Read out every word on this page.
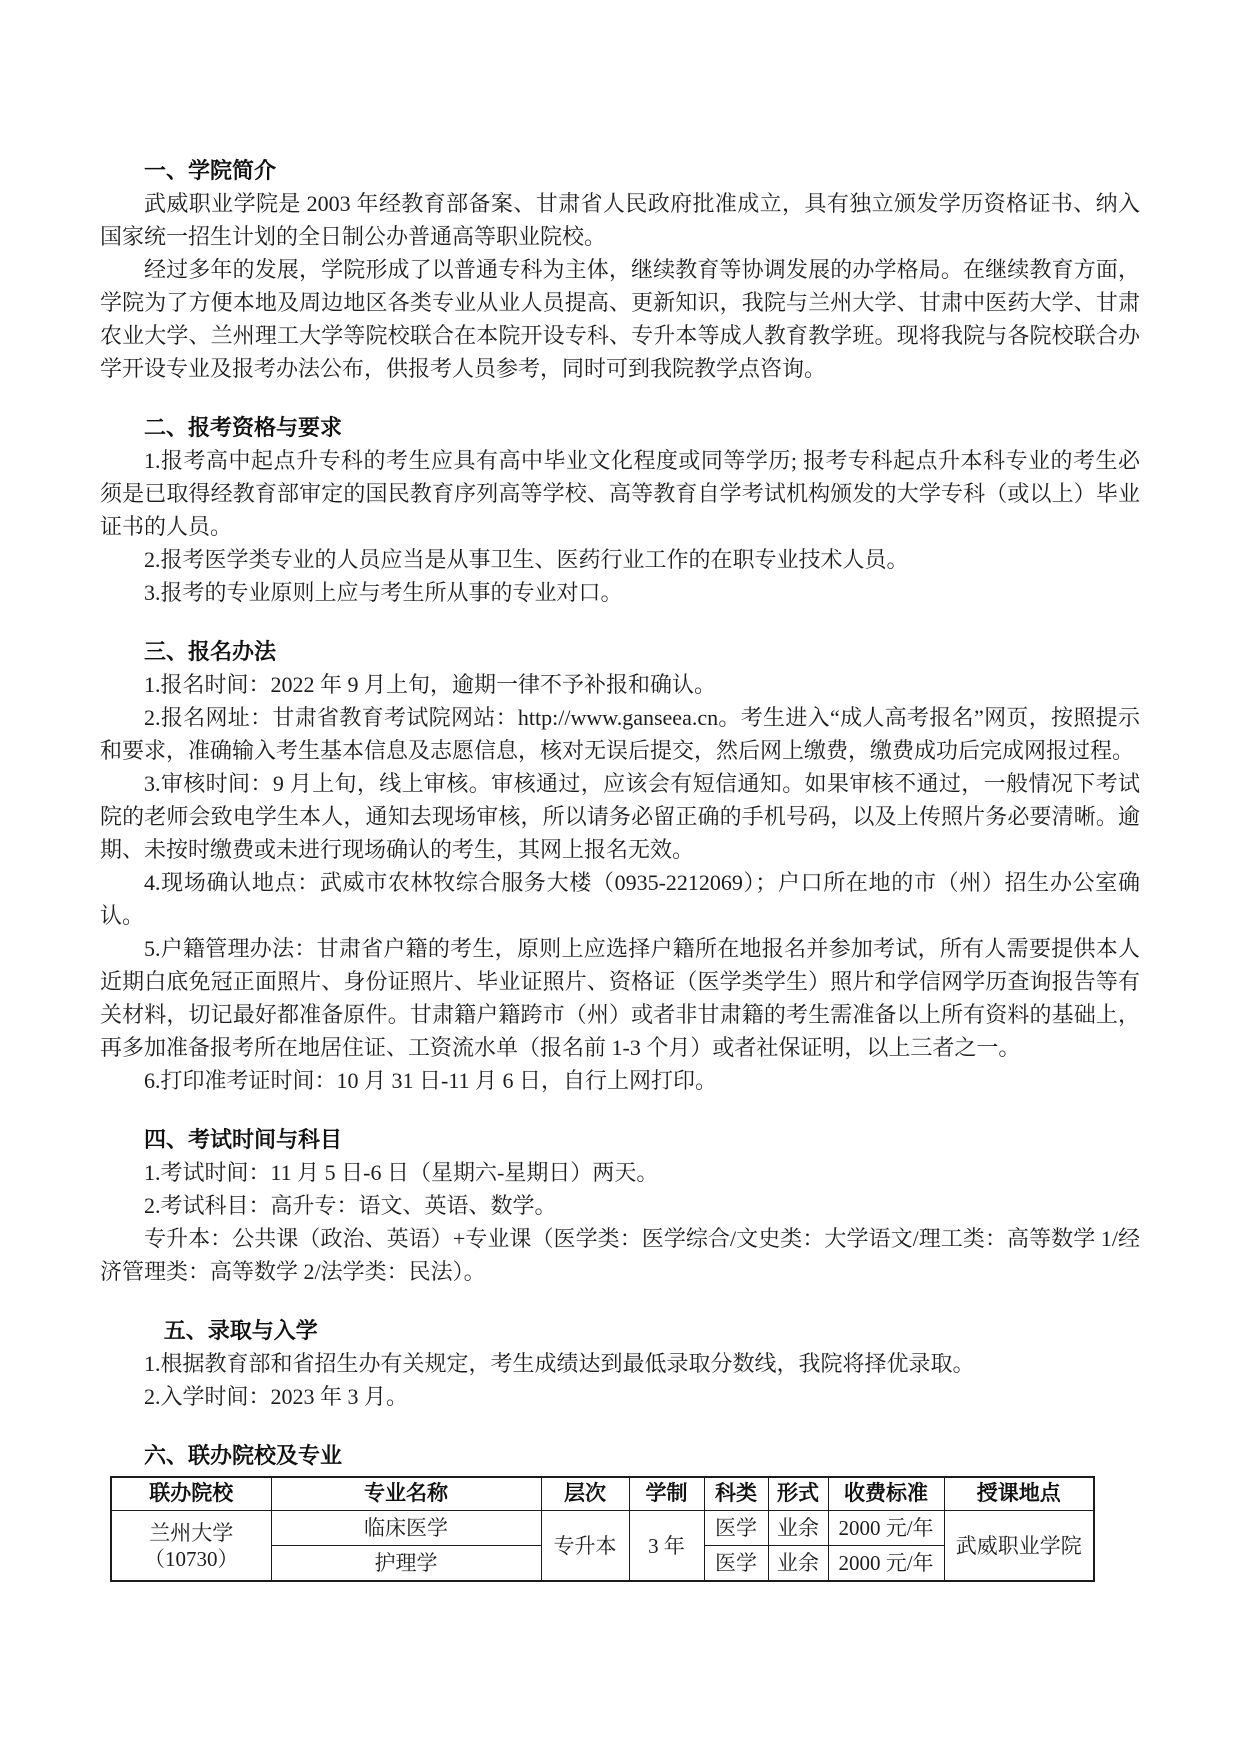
一、学院简介

武威职业学院是 2003 年经教育部备案、甘肃省人民政府批准成立，具有独立颁发学历资格证书、纳入国家统一招生计划的全日制公办普通高等职业院校。

经过多年的发展，学院形成了以普通专科为主体，继续教育等协调发展的办学格局。在继续教育方面，学院为了方便本地及周边地区各类专业从业人员提高、更新知识，我院与兰州大学、甘肃中医药大学、甘肃农业大学、兰州理工大学等院校联合在本院开设专科、专升本等成人教育教学班。现将我院与各院校联合办学开设专业及报考办法公布，供报考人员参考，同时可到我院教学点咨询。

二、报考资格与要求

1.报考高中起点升专科的考生应具有高中毕业文化程度或同等学历; 报考专科起点升本科专业的考生必须是已取得经教育部审定的国民教育序列高等学校、高等教育自学考试机构颁发的大学专科（或以上）毕业证书的人员。

2.报考医学类专业的人员应当是从事卫生、医药行业工作的在职专业技术人员。

3.报考的专业原则上应与考生所从事的专业对口。

三、报名办法

1.报名时间：2022 年 9 月上旬，逾期一律不予补报和确认。

2.报名网址：甘肃省教育考试院网站：http://www.ganseea.cn。考生进入“成人高考报名”网页，按照提示和要求，准确输入考生基本信息及志愿信息，核对无误后提交，然后网上缴费，缴费成功后完成网报过程。

3.审核时间：9 月上旬，线上审核。审核通过，应该会有短信通知。如果审核不通过，一般情况下考试院的老师会致电学生本人，通知去现场审核，所以请务必留正确的手机号码，以及上传照片务必要清晰。逾期、未按时缴费或未进行现场确认的考生，其网上报名无效。

4.现场确认地点：武威市农林牧综合服务大楼（0935-2212069）；户口所在地的市（州）招生办公室确认。

5.户籍管理办法：甘肃省户籍的考生，原则上应选择户籍所在地报名并参加考试，所有人需要提供本人近期白底免冠正面照片、身份证照片、毕业证照片、资格证（医学类学生）照片和学信网学历查询报告等有关材料，切记最好都准备原件。甘肃籍户籍跨市（州）或者非甘肃籍的考生需准备以上所有资料的基础上，再多加准备报考所在地居住证、工资流水单（报名前 1-3 个月）或者社保证明，以上三者之一。

6.打印准考证时间：10 月 31 日-11 月 6 日，自行上网打印。

四、考试时间与科目

1.考试时间：11 月 5 日-6 日（星期六-星期日）两天。

2.考试科目：高升专：语文、英语、数学。

专升本：公共课（政治、英语）+专业课（医学类：医学综合/文史类：大学语文/理工类：高等数学 1/经济管理类：高等数学 2/法学类：民法）。

五、录取与入学

1.根据教育部和省招生办有关规定，考生成绩达到最低录取分数线，我院将择优录取。

2.入学时间：2023 年 3 月。

六、联办院校及专业
联办院校	专业名称	层次	学制	科类	形式	收费标准	授课地点
兰州大学
（10730）	临床医学	专升本	3 年	医学	业余	2000 元/年	武威职业学院
	护理学			医学	业余	2000 元/年	
